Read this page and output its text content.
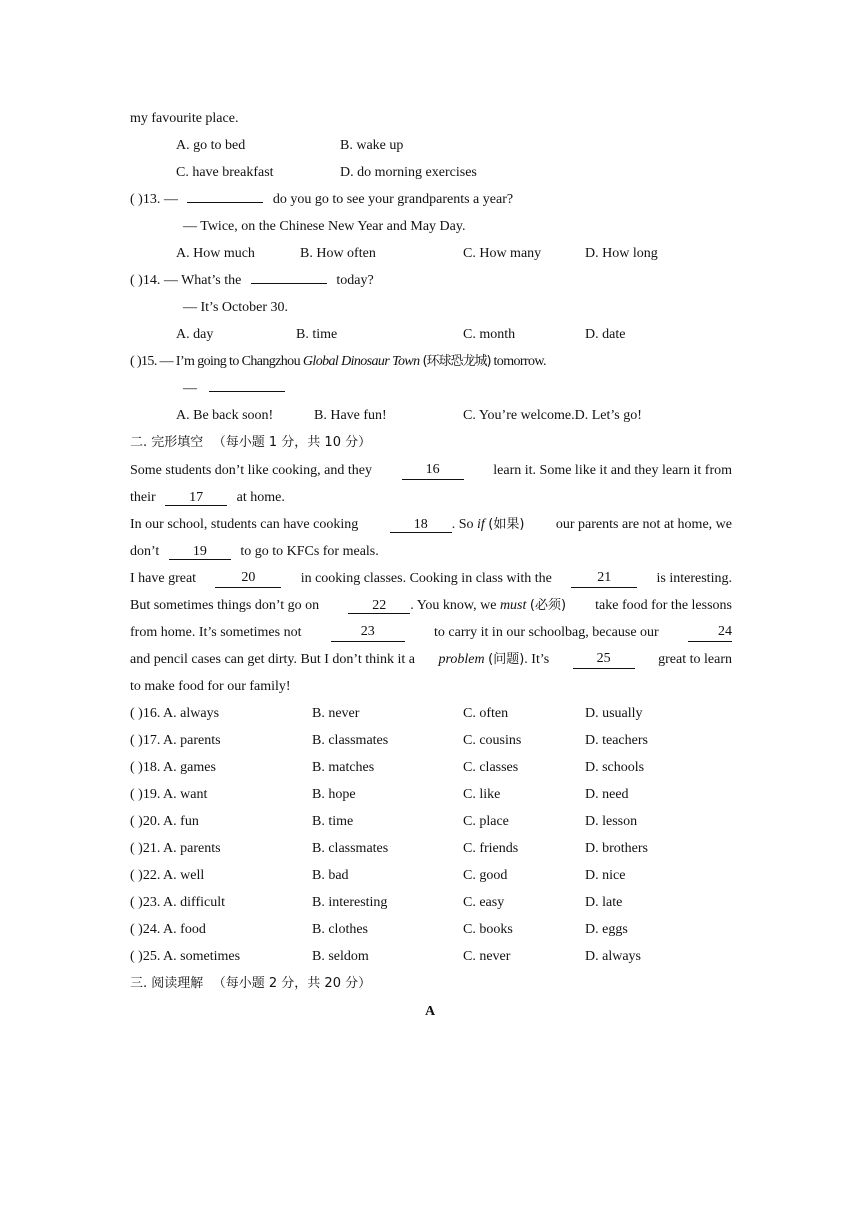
my favourite place.
A. go to bed	B. wake up
C. have breakfast	D. do morning exercises
( )13. —	do you go to see your grandparents a year?
— Twice, on the Chinese New Year and May Day.
A. How much	B. How often	C. How many	D. How long
( )14. — What’s the	today?
— It’s October 30.
A. day	B. time	C. month	D. date
( )15. — I’m going to Changzhou Global Dinosaur Town (环球恐龙城) tomorrow.
—
A. Be back soon!	B. Have fun!	C. You’re welcome.D. Let’s go!
二. 完形填空 （每小题 1 分，共 10 分）
Some students don’t like cooking, and they	16	learn it. Some like it and they learn it from
their 17 at home.
In our school, students can have cooking	18 . So if (如果) our parents are not at home, we
don’t 19 to go to KFCs for meals.
I have great	20	in cooking classes. Cooking in class with the	21	is interesting.
But sometimes things don’t go on	22 . You know, we must (必须) take food for the lessons
from home. It’s sometimes not	23	to carry it in our schoolbag, because our	24
and pencil cases can get dirty. But I don’t think it a problem (问题). It’s	25	great to learn
to make food for our family!
( )16. A. always	B. never	C. often	D. usually
( )17. A. parents	B. classmates	C. cousins	D. teachers
( )18. A. games	B. matches	C. classes	D. schools
( )19. A. want	B. hope	C. like	D. need
( )20. A. fun	B. time	C. place	D. lesson
( )21. A. parents	B. classmates	C. friends	D. brothers
( )22. A. well	B. bad	C. good	D. nice
( )23. A. difficult	B. interesting	C. easy	D. late
( )24. A. food	B. clothes	C. books	D. eggs
( )25. A. sometimes	B. seldom	C. never	D. always
三. 阅读理解 （每小题 2 分，共 20 分）
A
